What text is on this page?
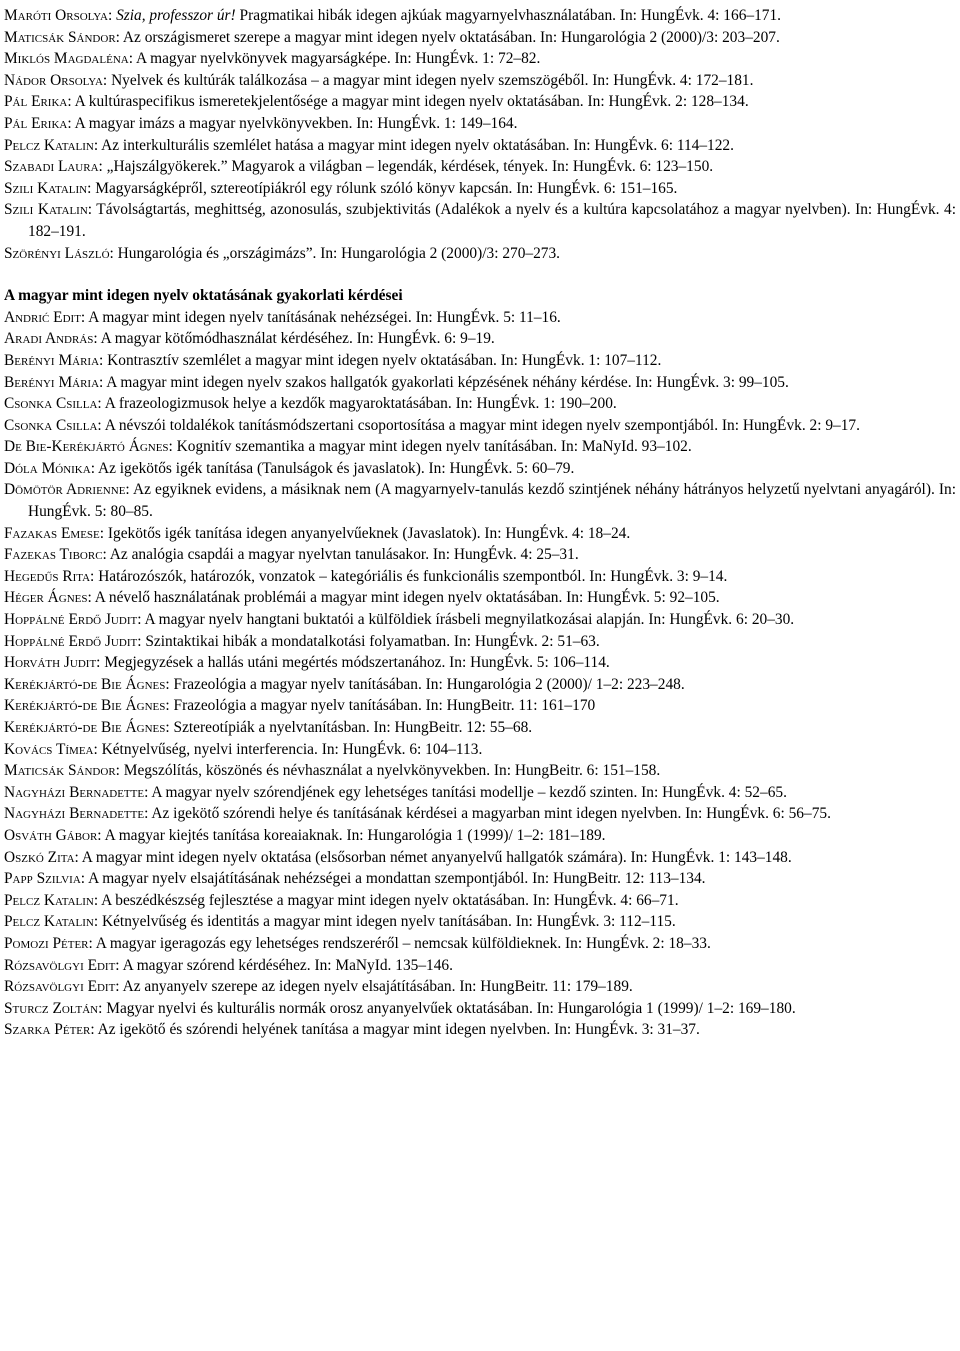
Maróti Orsolya: Szia, professzor úr! Pragmatikai hibák idegen ajkúak magyarnyelvhasználatában. In: HungÉvk. 4: 166–171.

Maticsák Sándor: Az országismeret szerepe a magyar mint idegen nyelv oktatásában. In: Hungarológia 2 (2000)/3: 203–207.

Miklós Magdaléna: A magyar nyelvkönyvek magyarságképe. In: HungÉvk. 1: 72–82.

Nádor Orsolya: Nyelvek és kultúrák találkozása – a magyar mint idegen nyelv szemszögéből. In: HungÉvk. 4: 172–181.

Pál Erika: A kultúraspecifikus ismeretekjelentősége a magyar mint idegen nyelv oktatásában. In: HungÉvk. 2: 128–134.

Pál Erika: A magyar imázs a magyar nyelvkönyvekben. In: HungÉvk. 1: 149–164.

Pelcz Katalin: Az interkulturális szemlélet hatása a magyar mint idegen nyelv oktatásában. In: HungÉvk. 6: 114–122.

Szabadi Laura: „Hajszálgyökerek.” Magyarok a világban – legendák, kérdések, tények. In: HungÉvk. 6: 123–150.

Szili Katalin: Magyarságképről, sztereotípiákról egy rólunk szóló könyv kapcsán. In: HungÉvk. 6: 151–165.

Szili Katalin: Távolságtartás, meghittség, azonosulás, szubjektivitás (Adalékok a nyelv és a kultúra kapcsolatához a magyar nyelvben). In: HungÉvk. 4: 182–191.

Szörényi László: Hungarológia és „országimázs”. In: Hungarológia 2 (2000)/3: 270–273.

A magyar mint idegen nyelv oktatásának gyakorlati kérdései

Andrić Edit: A magyar mint idegen nyelv tanításának nehézségei. In: HungÉvk. 5: 11–16.

Aradi András: A magyar kötőmódhasználat kérdéséhez. In: HungÉvk. 6: 9–19.

Berényi Mária: Kontrasztív szemlélet a magyar mint idegen nyelv oktatásában. In: HungÉvk. 1: 107–112.

Berényi Mária: A magyar mint idegen nyelv szakos hallgatók gyakorlati képzésének néhány kérdése. In: HungÉvk. 3: 99–105.

Csonka Csilla: A frazeologizmusok helye a kezdők magyaroktatásában. In: HungÉvk. 1: 190–200.

Csonka Csilla: A névszói toldalékok tanításmódszertani csoportosítása a magyar mint idegen nyelv szempontjából. In: HungÉvk. 2: 9–17.

De Bie-Kerékjártó Ágnes: Kognitív szemantika a magyar mint idegen nyelv tanításában. In: MaNyId. 93–102.

Dóla Mónika: Az igekötős igék tanítása (Tanulságok és javaslatok). In: HungÉvk. 5: 60–79.

Dömötör Adrienne: Az egyiknek evidens, a másiknak nem (A magyarnyelv-tanulás kezdő szintjének néhány hátrányos helyzetű nyelvtani anyagáról). In: HungÉvk. 5: 80–85.

Fazakas Emese: Igekötős igék tanítása idegen anyanyelvűeknek (Javaslatok). In: HungÉvk. 4: 18–24.

Fazekas Tiborc: Az analógia csapdái a magyar nyelvtan tanulásakor. In: HungÉvk. 4: 25–31.

Hegedűs Rita: Határozószók, határozók, vonzatok – kategóriális és funkcionális szempontból. In: HungÉvk. 3: 9–14.

Héger Ágnes: A névelő használatának problémái a magyar mint idegen nyelv oktatásában. In: HungÉvk. 5: 92–105.

Hoppálné Erdő Judit: A magyar nyelv hangtani buktatói a külföldiek írásbeli megnyilatkozásai alapján. In: HungÉvk. 6: 20–30.

Hoppálné Erdő Judit: Szintaktikai hibák a mondatalkotási folyamatban. In: HungÉvk. 2: 51–63.

Horváth Judit: Megjegyzések a hallás utáni megértés módszertanához. In: HungÉvk. 5: 106–114.

Kerékjártó-de Bie Ágnes: Frazeológia a magyar nyelv tanításában. In: Hungarológia 2 (2000)/ 1–2: 223–248.

Kerékjártó-de Bie Ágnes: Frazeológia a magyar nyelv tanításában. In: HungBeitr. 11: 161–170

Kerékjártó-de Bie Ágnes: Sztereotípiák a nyelvtanításban. In: HungBeitr. 12: 55–68.

Kovács Tímea: Kétnyelvűség, nyelvi interferencia. In: HungÉvk. 6: 104–113.

Maticsák Sándor: Megszólítás, köszönés és névhasználat a nyelvkönyvekben. In: HungBeitr. 6: 151–158.

Nagyházi Bernadette: A magyar nyelv szórendjének egy lehetséges tanítási modellje – kezdő szinten. In: HungÉvk. 4: 52–65.

Nagyházi Bernadette: Az igekötő szórendi helye és tanításának kérdései a magyarban mint idegen nyelvben. In: HungÉvk. 6: 56–75.

Osváth Gábor: A magyar kiejtés tanítása koreaiaknak. In: Hungarológia 1 (1999)/ 1–2: 181–189.

Oszkó Zita: A magyar mint idegen nyelv oktatása (elsősorban német anyanyelvű hallgatók számára). In: HungÉvk. 1: 143–148.

Papp Szilvia: A magyar nyelv elsajátításának nehézségei a mondattan szempontjából. In: HungBeitr. 12: 113–134.

Pelcz Katalin: A beszédkészség fejlesztése a magyar mint idegen nyelv oktatásában. In: HungÉvk. 4: 66–71.

Pelcz Katalin: Kétnyelvűség és identitás a magyar mint idegen nyelv tanításában. In: HungÉvk. 3: 112–115.

Pomozi Péter: A magyar igeragozás egy lehetséges rendszeréről – nemcsak külföldieknek. In: HungÉvk. 2: 18–33.

Rózsavölgyi Edit: A magyar szórend kérdéséhez. In: MaNyId. 135–146.

Rózsavölgyi Edit: Az anyanyelv szerepe az idegen nyelv elsajátításában. In: HungBeitr. 11: 179–189.

Sturcz Zoltán: Magyar nyelvi és kulturális normák orosz anyanyelvűek oktatásában. In: Hungarológia 1 (1999)/ 1–2: 169–180.

Szarka Péter: Az igekötő és szórendi helyének tanítása a magyar mint idegen nyelvben. In: HungÉvk. 3: 31–37.
